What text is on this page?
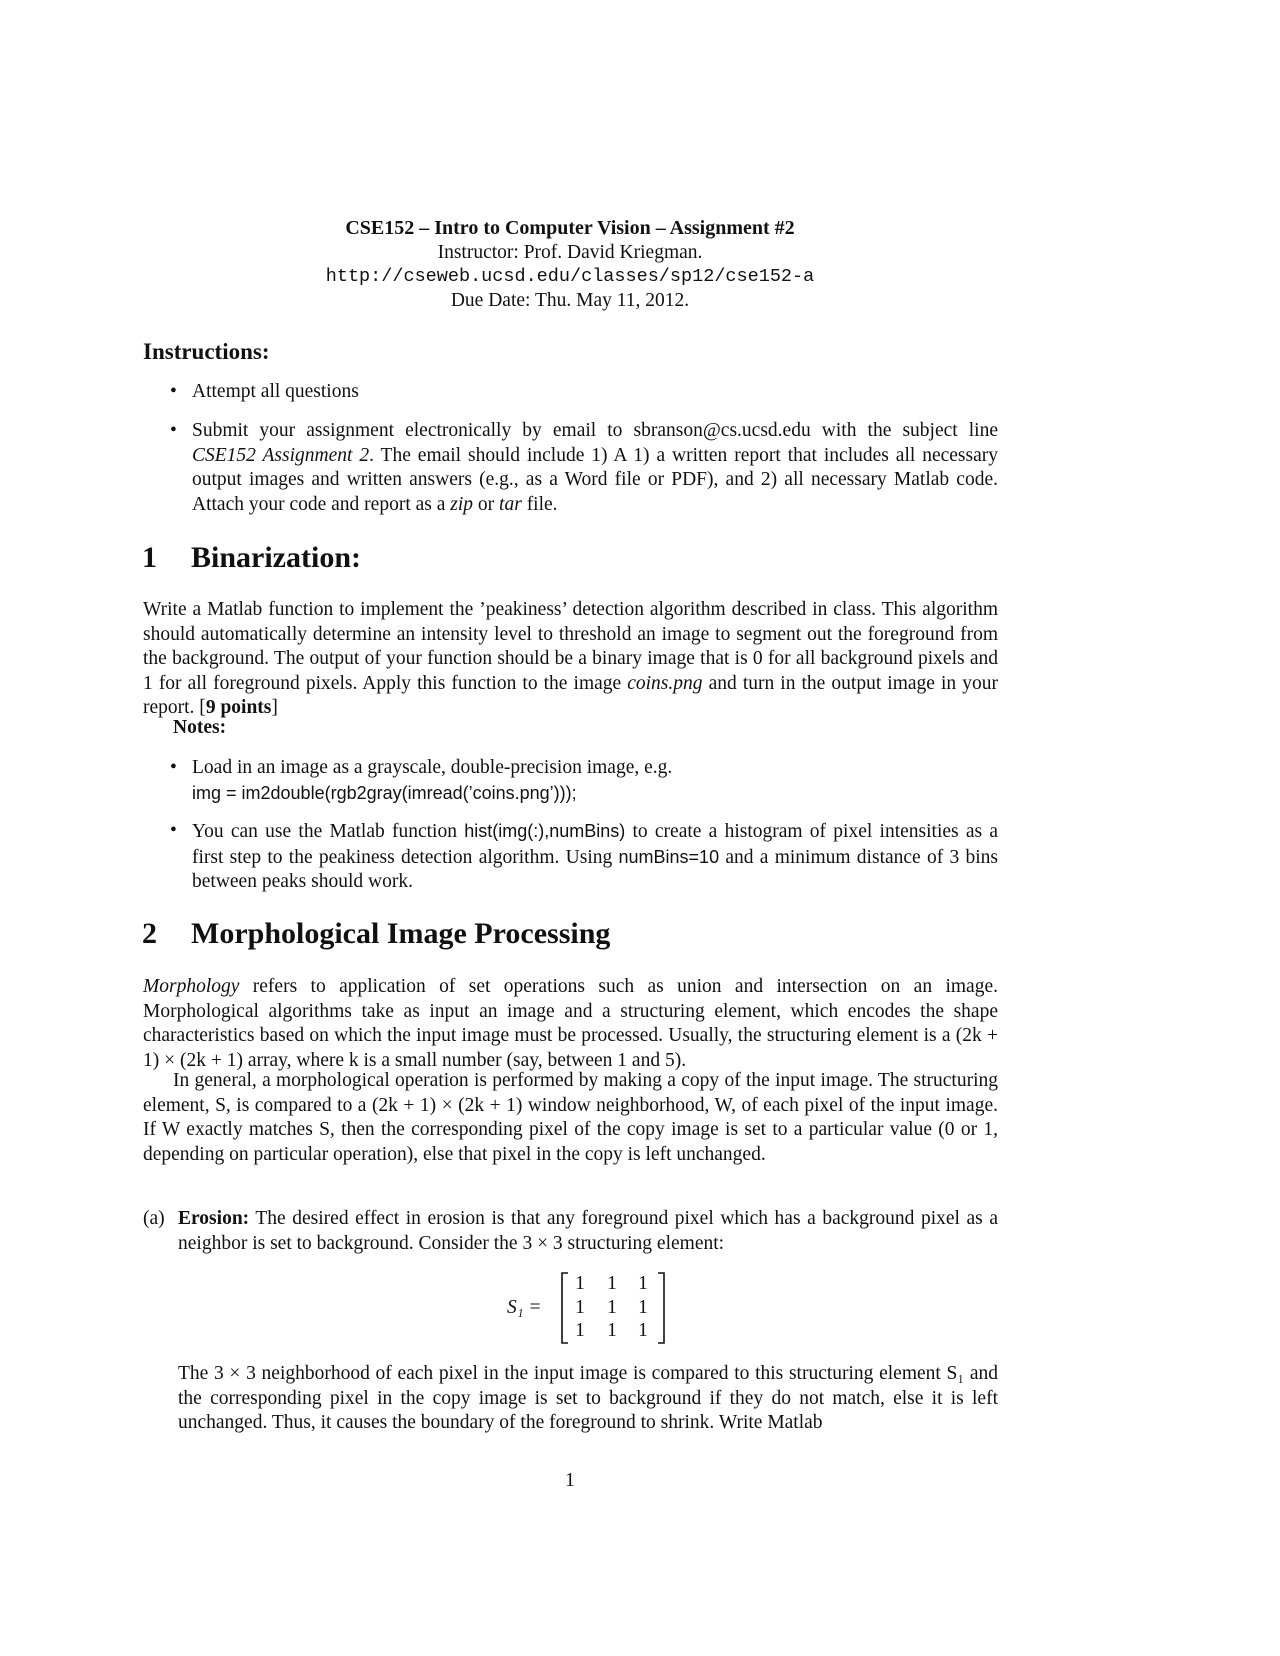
CSE152 – Intro to Computer Vision – Assignment #2
Instructor: Prof. David Kriegman.
http://cseweb.ucsd.edu/classes/sp12/cse152-a
Due Date: Thu. May 11, 2012.
Instructions:
• Attempt all questions
• Submit your assignment electronically by email to sbranson@cs.ucsd.edu with the subject line CSE152 Assignment 2. The email should include 1) A 1) a written report that includes all necessary output images and written answers (e.g., as a Word file or PDF), and 2) all necessary Matlab code. Attach your code and report as a zip or tar file.
1 Binarization:
Write a Matlab function to implement the ’peakiness’ detection algorithm described in class. This algorithm should automatically determine an intensity level to threshold an image to segment out the foreground from the background. The output of your function should be a binary image that is 0 for all background pixels and 1 for all foreground pixels. Apply this function to the image coins.png and turn in the output image in your report. [9 points]
Notes:
• Load in an image as a grayscale, double-precision image, e.g.
img = im2double(rgb2gray(imread(’coins.png’)));
• You can use the Matlab function hist(img(:),numBins) to create a histogram of pixel intensities as a first step to the peakiness detection algorithm. Using numBins=10 and a minimum distance of 3 bins between peaks should work.
2 Morphological Image Processing
Morphology refers to application of set operations such as union and intersection on an image. Morphological algorithms take as input an image and a structuring element, which encodes the shape characteristics based on which the input image must be processed. Usually, the structuring element is a (2k + 1) × (2k + 1) array, where k is a small number (say, between 1 and 5).
In general, a morphological operation is performed by making a copy of the input image. The structuring element, S, is compared to a (2k + 1) × (2k + 1) window neighborhood, W, of each pixel of the input image. If W exactly matches S, then the corresponding pixel of the copy image is set to a particular value (0 or 1, depending on particular operation), else that pixel in the copy is left unchanged.
(a) Erosion: The desired effect in erosion is that any foreground pixel which has a background pixel as a neighbor is set to background. Consider the 3 × 3 structuring element:
S₁ =
1	1	1
1	1	1
1	1	1
The 3 × 3 neighborhood of each pixel in the input image is compared to this structuring element S₁ and the corresponding pixel in the copy image is set to background if they do not match, else it is left unchanged. Thus, it causes the boundary of the foreground to shrink. Write Matlab
1
